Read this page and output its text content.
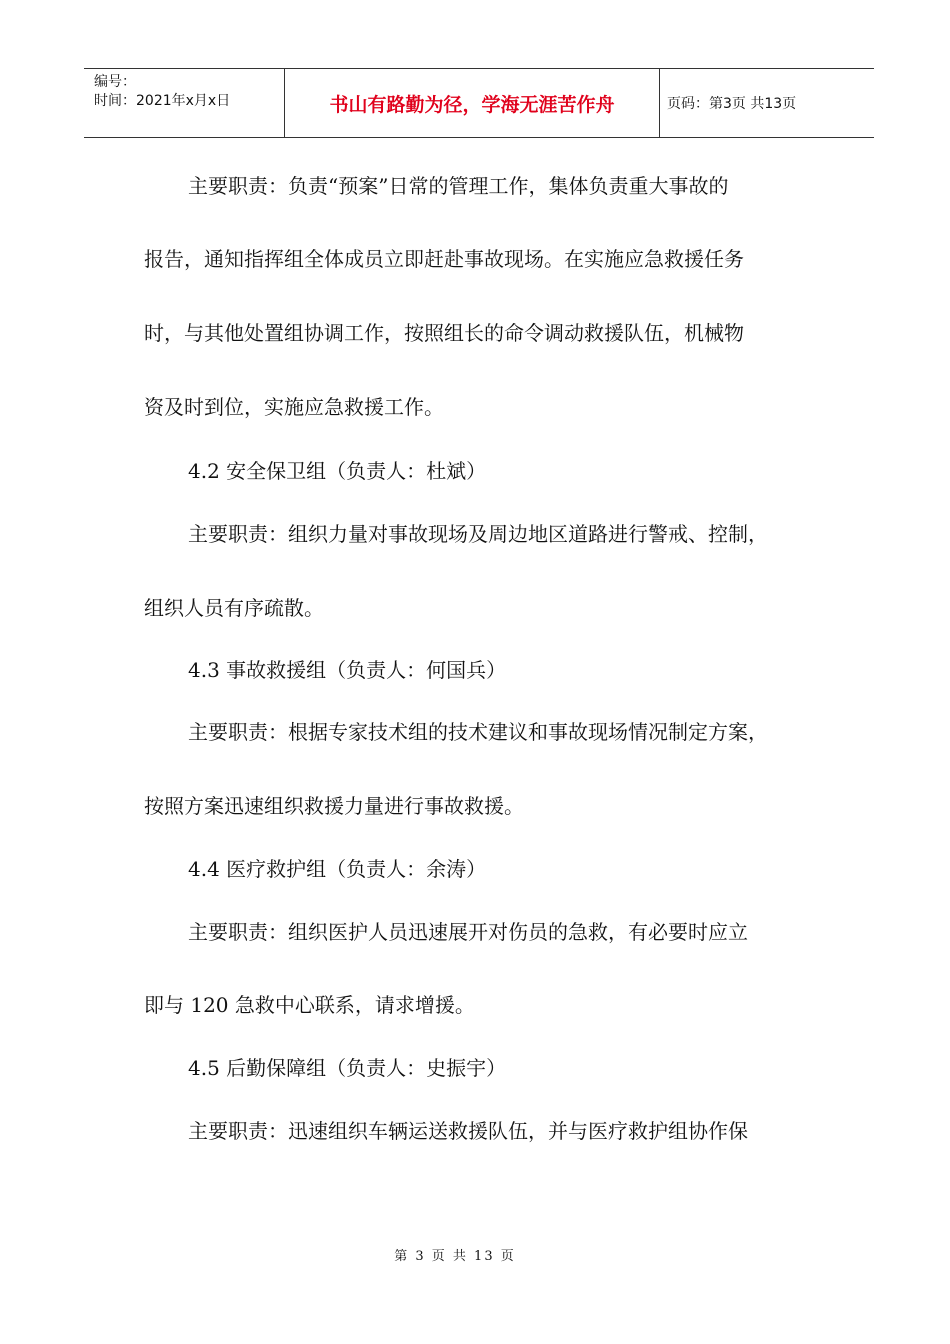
编号：
时间：2021年x月x日	书山有路勤为径，学海无涯苦作舟	页码：第3页 共13页
主要职责：负责“预案”日常的管理工作，集体负责重大事故的
报告，通知指挥组全体成员立即赶赴事故现场。在实施应急救援任务
时，与其他处置组协调工作，按照组长的命令调动救援队伍，机械物
资及时到位，实施应急救援工作。
4.2 安全保卫组（负责人：杜斌）
主要职责：组织力量对事故现场及周边地区道路进行警戒、控制，
组织人员有序疏散。
4.3 事故救援组（负责人：何国兵）
主要职责：根据专家技术组的技术建议和事故现场情况制定方案，
按照方案迅速组织救援力量进行事故救援。
4.4 医疗救护组（负责人：余涛）
主要职责：组织医护人员迅速展开对伤员的急救，有必要时应立
即与 120 急救中心联系，请求增援。
4.5 后勤保障组（负责人：史振宇）
主要职责：迅速组织车辆运送救援队伍，并与医疗救护组协作保
第 3 页 共 13 页
